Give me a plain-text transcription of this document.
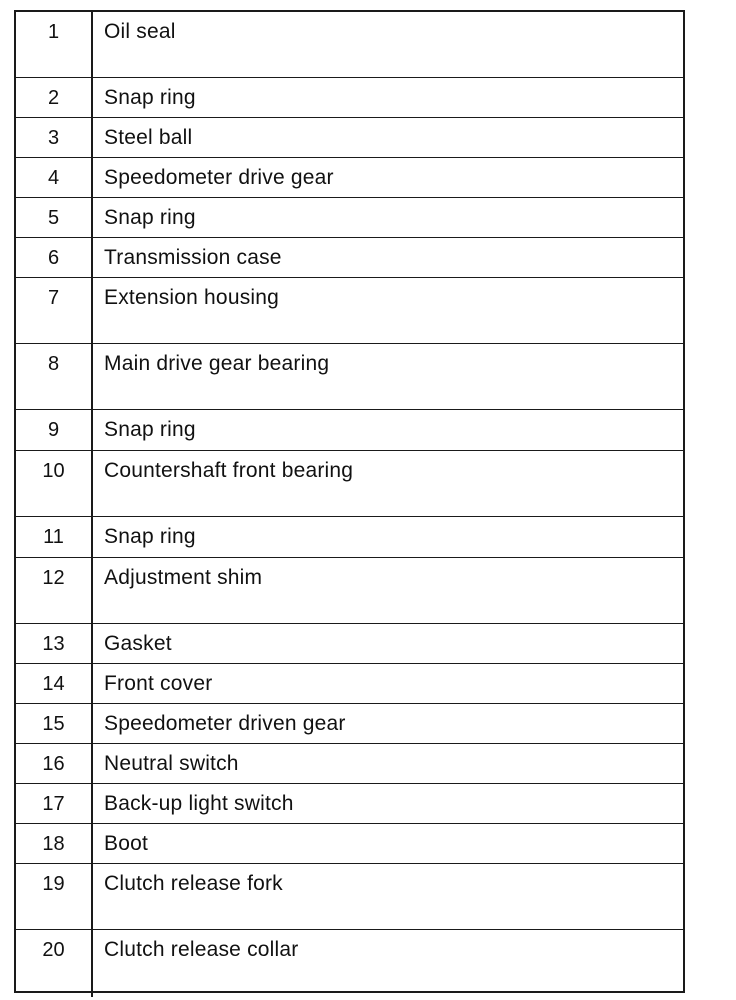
1	Oil seal
2	Snap ring
3	Steel ball
4	Speedometer drive gear
5	Snap ring
6	Transmission case
7	Extension housing
8	Main drive gear bearing
9	Snap ring
10	Countershaft front bearing
11	Snap ring
12	Adjustment shim
13	Gasket
14	Front cover
15	Speedometer driven gear
16	Neutral switch
17	Back-up light switch
18	Boot
19	Clutch release fork
20	Clutch release collar
